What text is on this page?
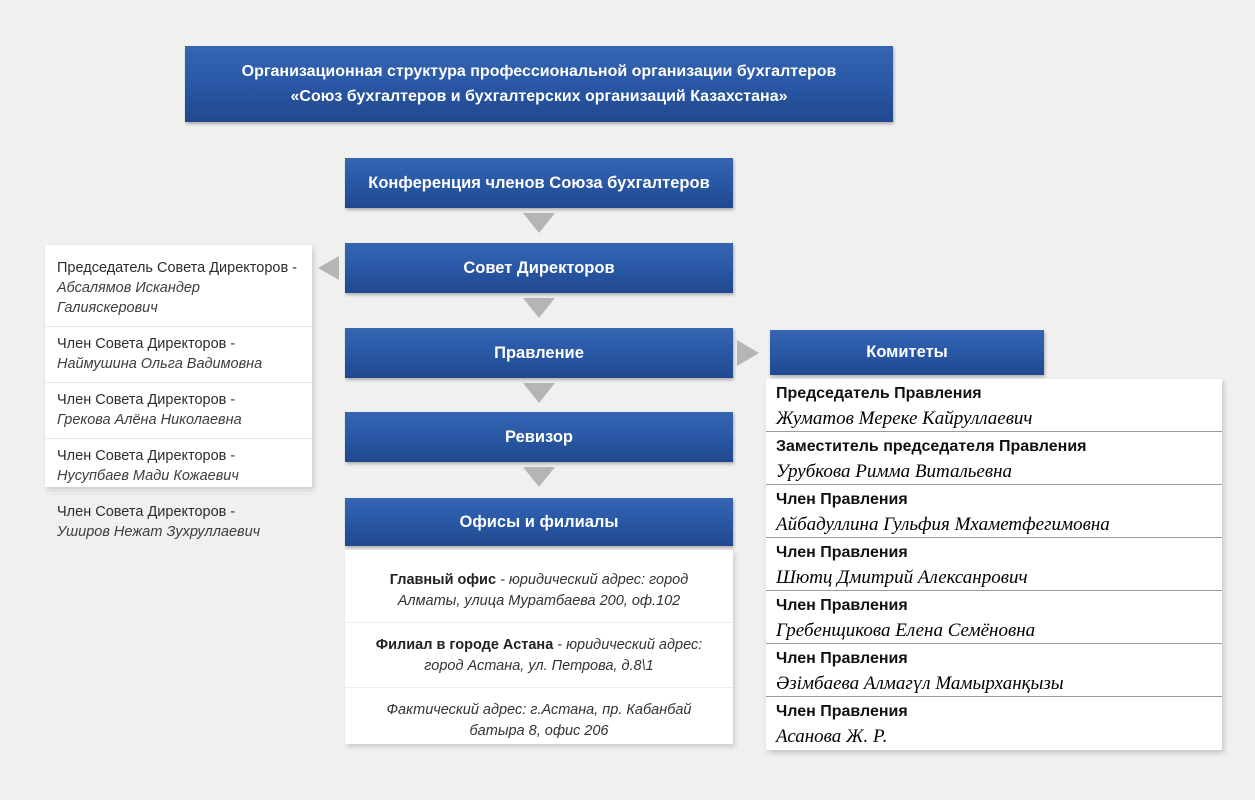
Организационная структура профессиональной организации бухгалтеров
«Союз бухгалтеров и бухгалтерских организаций Казахстана»
Конференция членов Союза бухгалтеров
Совет Директоров
Правление
Ревизор
Офисы и филиалы
Комитеты
Председатель Совета Директоров -
Абсалямов Искандер Галияскерович
Член Совета Директоров -
Наймушина Ольга Вадимовна
Член Совета Директоров -
Грекова Алёна Николаевна
Член Совета Директоров -
Нусупбаев Мади Кожаевич
Член Совета Директоров -
Уширов Нежат Зухруллаевич
Председатель Правления
Жуматов Мереке Кайруллаевич
Заместитель председателя Правления
Урубкова Римма Витальевна
Член Правления
Айбадуллина Гульфия Мхаметфегимовна
Член Правления
Шютц Дмитрий Алексанрович
Член Правления
Гребенщикова Елена Семёновна
Член Правления
Әзімбаева Алмагүл Мамырханқызы
Член Правления
Асанова Ж. Р.
Главный офис - юридический адрес: город Алматы, улица Муратбаева 200, оф.102
Филиал в городе Астана - юридический адрес: город Астана, ул. Петрова, д.8\1
Фактический адрес: г.Астана, пр. Кабанбай батыра 8, офис 206
